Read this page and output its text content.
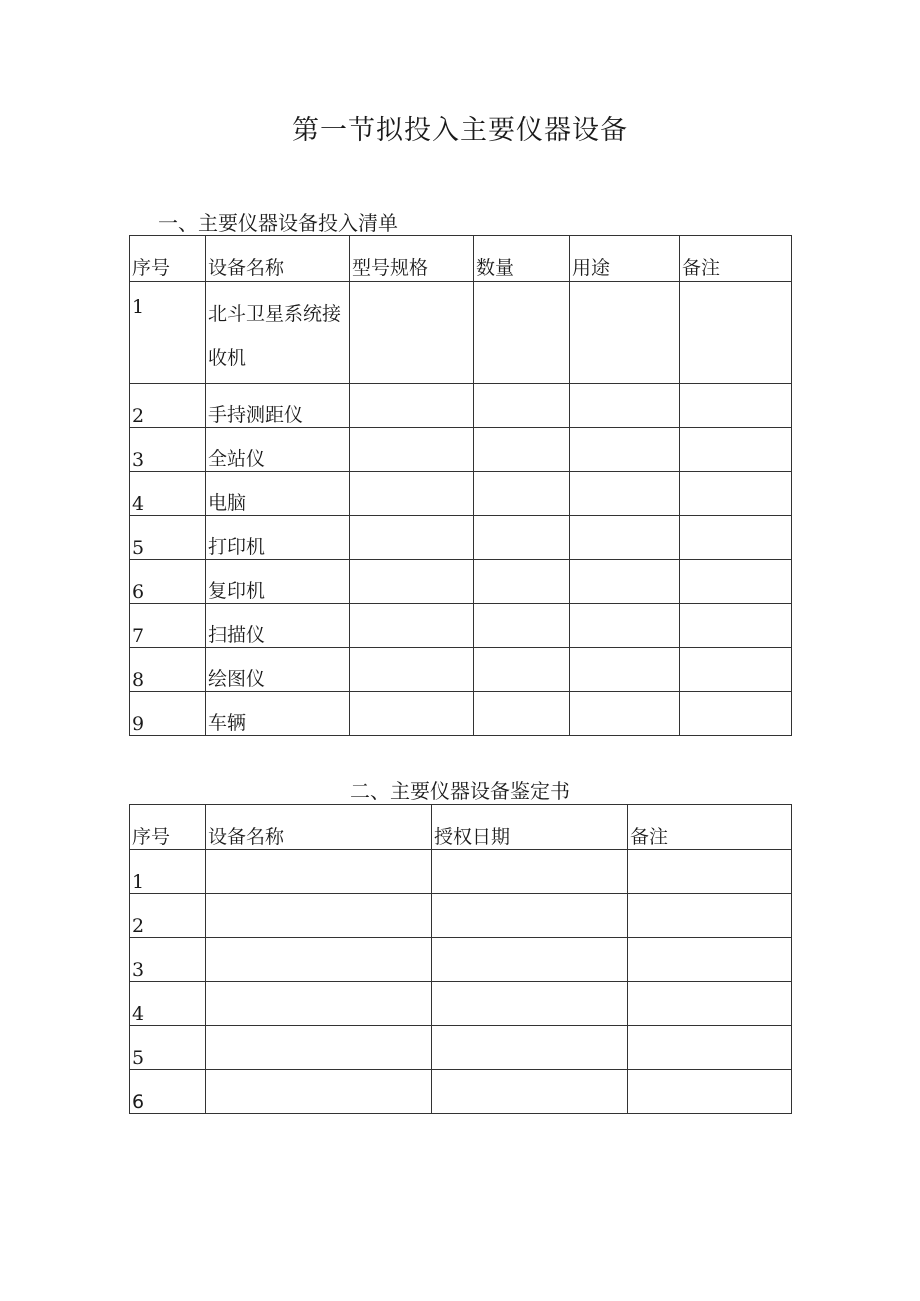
第一节拟投入主要仪器设备
一、主要仪器设备投入清单
序号	设备名称	型号规格	数量	用途	备注
1	北斗卫星系统接收机				

2	手持测距仪				
3	全站仪				
4	电脑				
5	打印机				
6	复印机				
7	扫描仪				
8	绘图仪				
9	车辆				
二、主要仪器设备鉴定书
序号	设备名称	授权日期	备注
1			
2			
3			
4			
5			
6			
